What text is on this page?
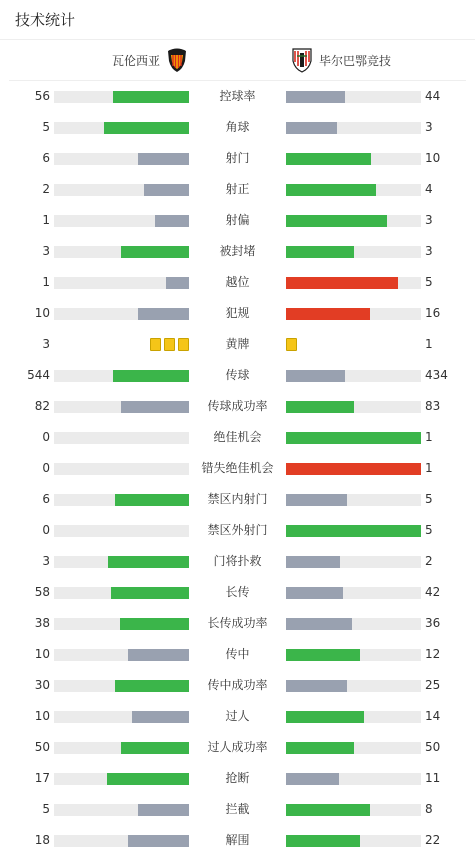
技术统计
瓦伦西亚	毕尔巴鄂竞技
56	控球率	44
5	角球	3
6	射门	10
2	射正	4
1	射偏	3
3	被封堵	3
1	越位	5
10	犯规	16
3	黄牌	1
544	传球	434
82	传球成功率	83
0	绝佳机会	1
0	错失绝佳机会	1
6	禁区内射门	5
0	禁区外射门	5
3	门将扑救	2
58	长传	42
38	长传成功率	36
10	传中	12
30	传中成功率	25
10	过人	14
50	过人成功率	50
17	抢断	11
5	拦截	8
18	解围	22
